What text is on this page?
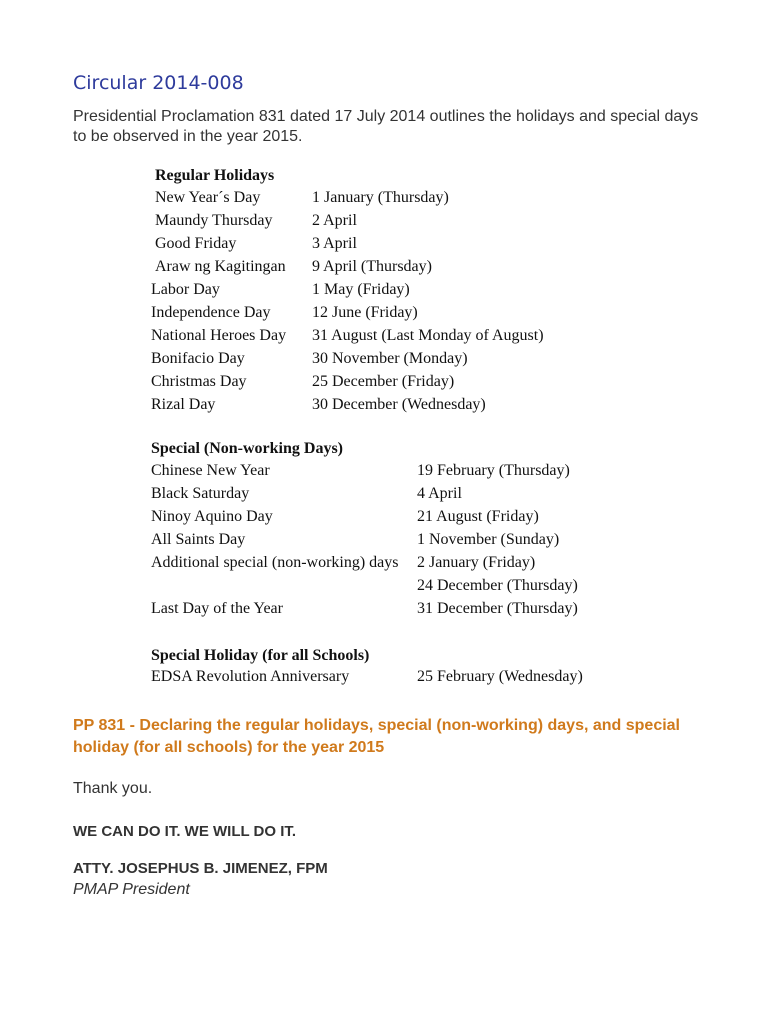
Circular 2014-008

Presidential Proclamation 831 dated 17 July 2014 outlines the holidays and special days to be observed in the year 2015.

Regular Holidays
New Year´s Day	1 January (Thursday)
Maundy Thursday 2 April
Good Friday	3 April
Araw ng Kagitingan 9 April (Thursday)
Labor Day	1 May (Friday)
Independence Day	12 June (Friday)
National Heroes Day 31 August (Last Monday of August)
Bonifacio Day	30 November (Monday)
Christmas Day	25 December (Friday)
Rizal Day	30 December (Wednesday)
Special (Non-working Days)
Chinese New Year	19 February (Thursday)
Black Saturday	4 April
Ninoy Aquino Day	21 August (Friday)
All Saints Day	1 November (Sunday)
Additional special (non-working) days 2 January (Friday)
24 December (Thursday)
Last Day of the Year	31 December (Thursday)
Special Holiday (for all Schools)
EDSA Revolution Anniversary	25 February (Wednesday)

PP 831 - Declaring the regular holidays, special (non-working) days, and special holiday (for all schools) for the year 2015

Thank you.
WE CAN DO IT. WE WILL DO IT.
ATTY. JOSEPHUS B. JIMENEZ, FPM
PMAP President
